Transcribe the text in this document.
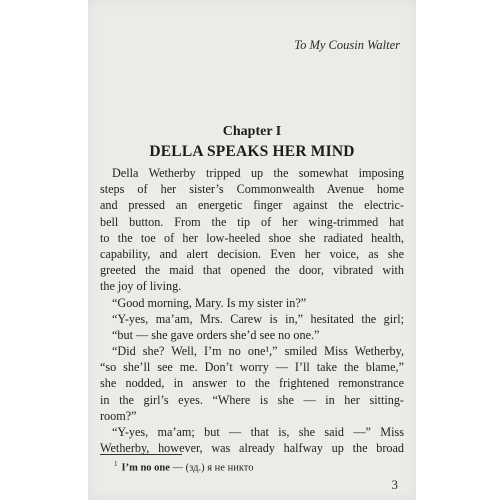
To My Cousin Walter
Chapter I
DELLA SPEAKS HER MIND
Della Wetherby tripped up the somewhat imposing
steps of her sister’s Commonwealth Avenue home
and pressed an energetic finger against the electric-
bell button. From the tip of her wing-trimmed hat
to the toe of her low-heeled shoe she radiated health,
capability, and alert decision. Even her voice, as she
greeted the maid that opened the door, vibrated with
the joy of living.
“Good morning, Mary. Is my sister in?”
“Y-yes, ma’am, Mrs. Carew is in,” hesitated the girl;
“but — she gave orders she’d see no one.”
“Did she? Well, I’m no one¹,” smiled Miss Wetherby,
“so she’ll see me. Don’t worry — I’ll take the blame,”
she nodded, in answer to the frightened remonstrance
in the girl’s eyes. “Where is she — in her sitting-
room?”
“Y-yes, ma’am; but — that is, she said —” Miss
Wetherby, however, was already halfway up the broad
$^1$ I’m no one — (зд.) я не никто
3
